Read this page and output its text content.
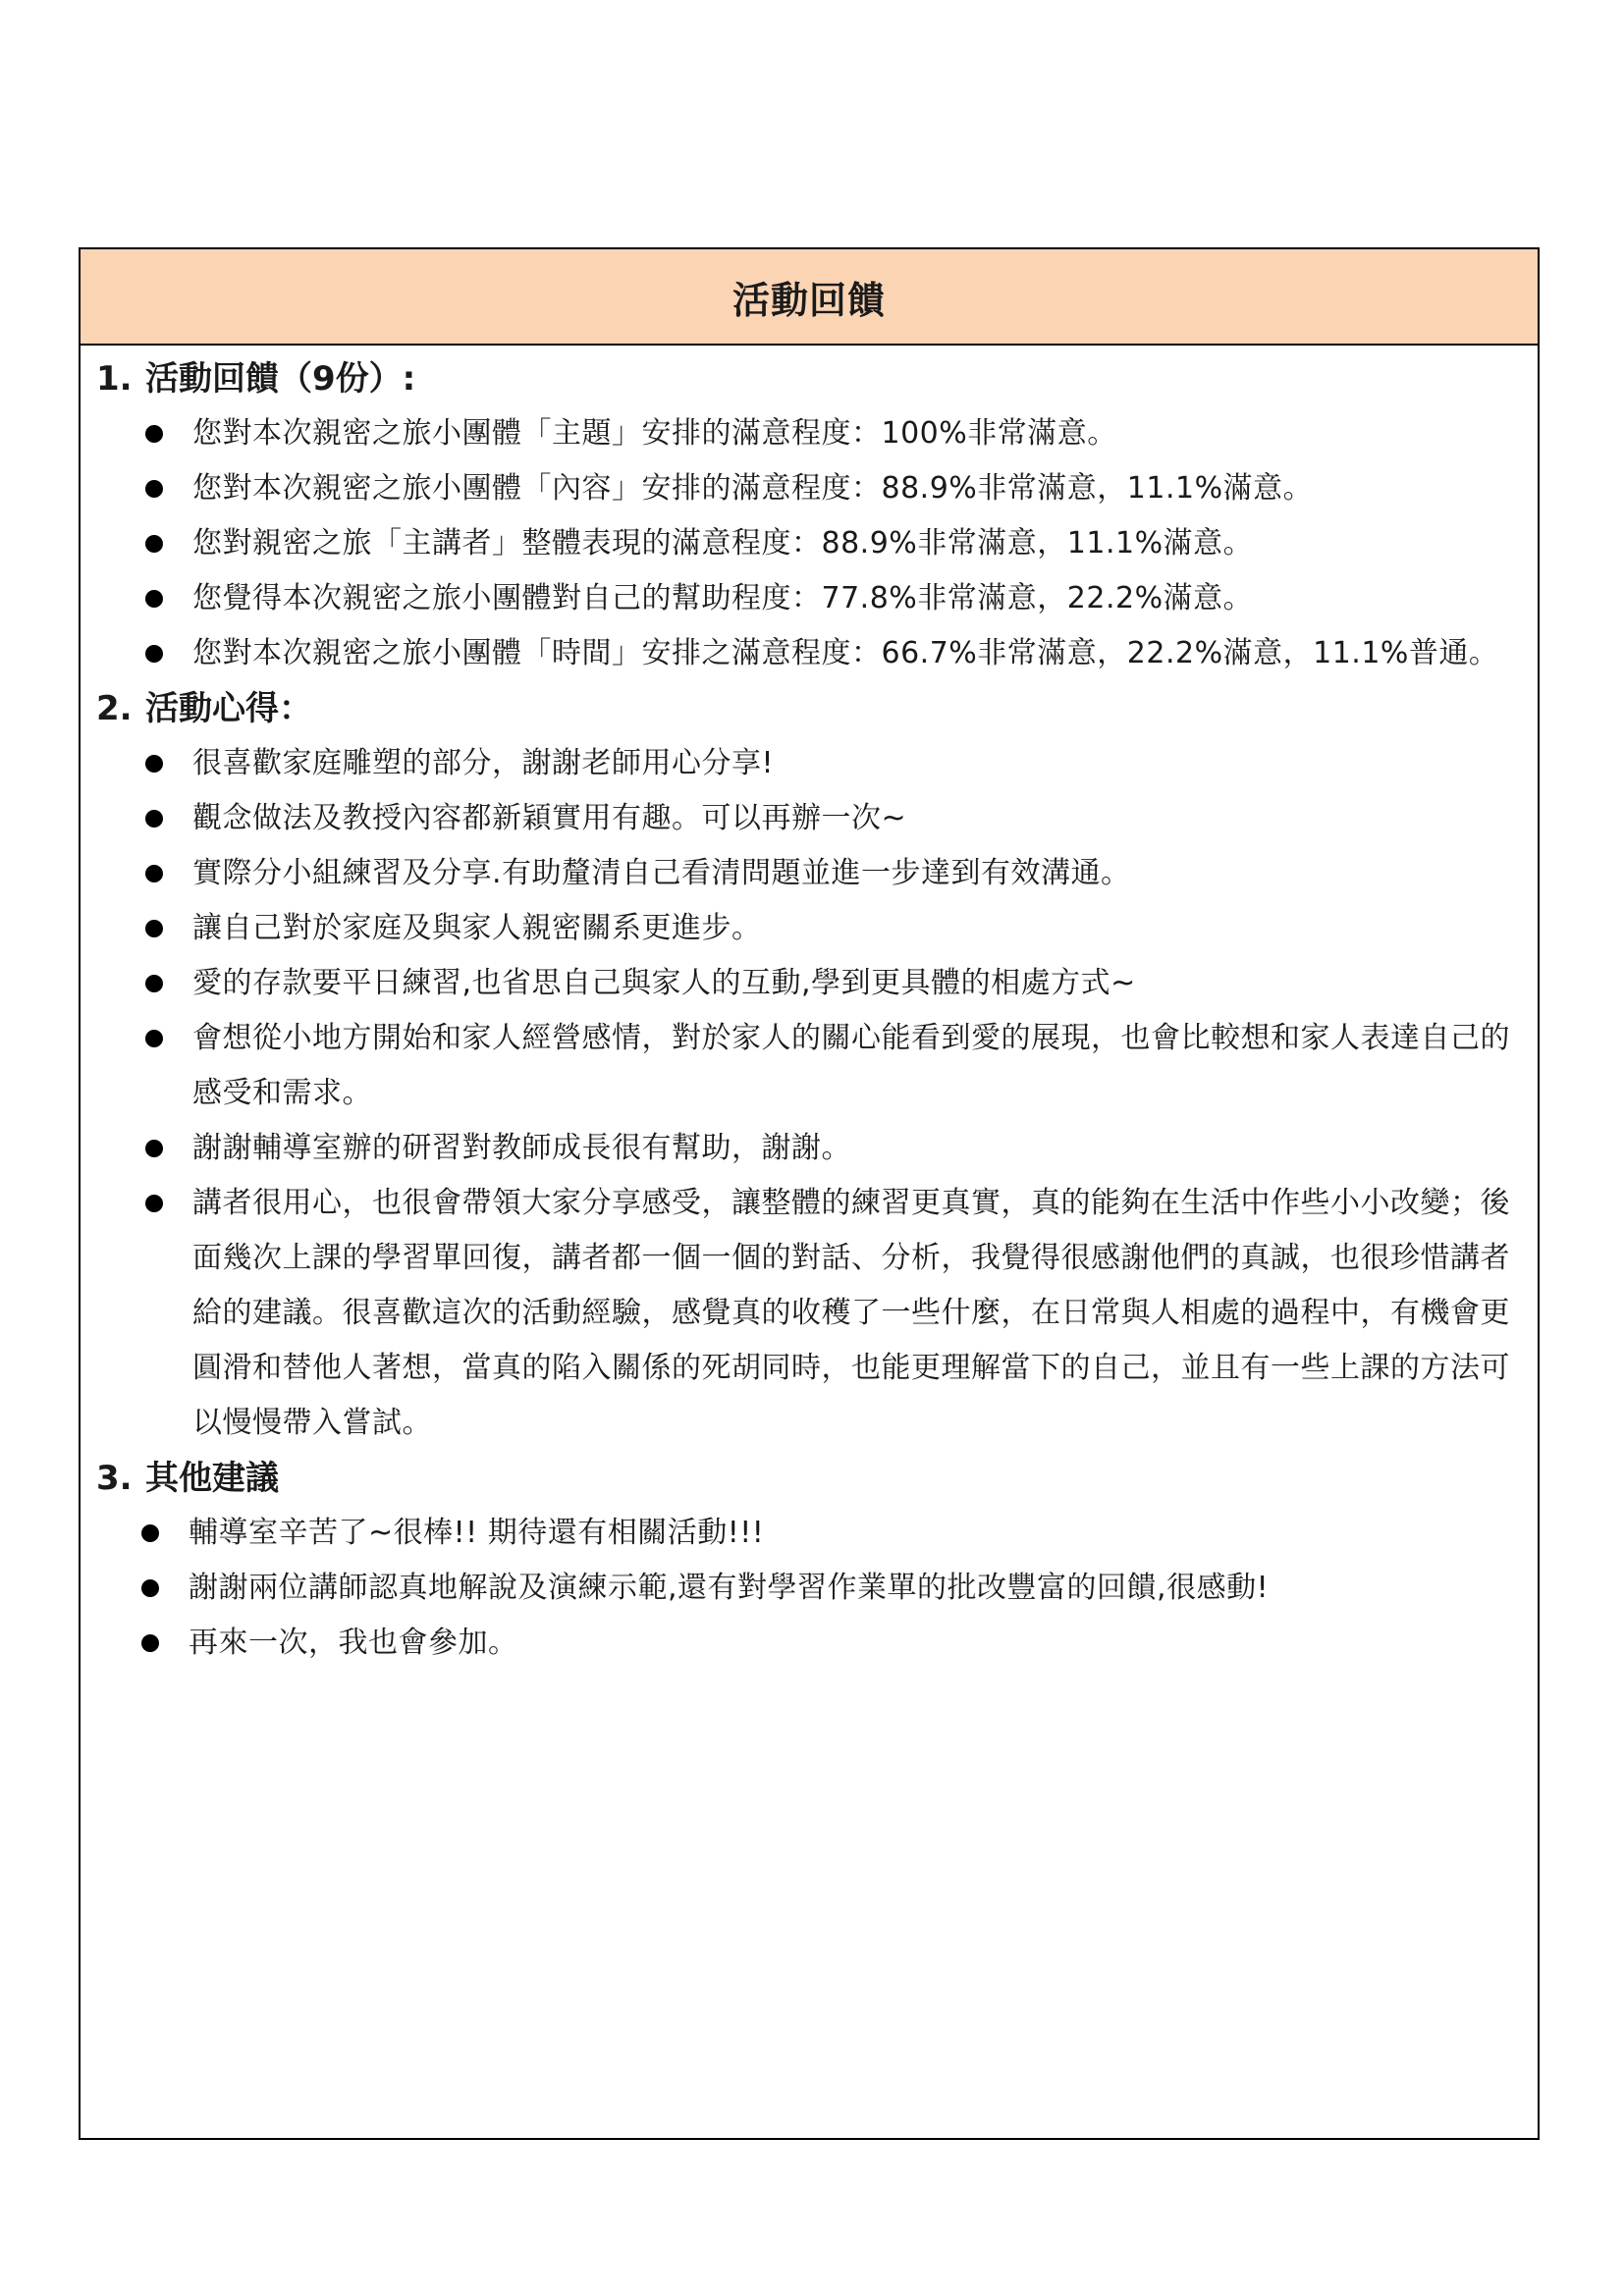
活動回饋
1. 活動回饋（9份）:
您對本次親密之旅小團體「主題」安排的滿意程度：100%非常滿意。
您對本次親密之旅小團體「內容」安排的滿意程度：88.9%非常滿意，11.1%滿意。
您對親密之旅「主講者」整體表現的滿意程度：88.9%非常滿意，11.1%滿意。
您覺得本次親密之旅小團體對自己的幫助程度：77.8%非常滿意，22.2%滿意。
您對本次親密之旅小團體「時間」安排之滿意程度：66.7%非常滿意，22.2%滿意，11.1%普通。
2. 活動心得：
很喜歡家庭雕塑的部分，謝謝老師用心分享!
觀念做法及教授內容都新穎實用有趣。可以再辦一次~
實際分小組練習及分享.有助釐清自己看清問題並進一步達到有效溝通。
讓自己對於家庭及與家人親密關系更進步。
愛的存款要平日練習,也省思自己與家人的互動,學到更具體的相處方式~
會想從小地方開始和家人經營感情，對於家人的關心能看到愛的展現，也會比較想和家人表達自己的感受和需求。
謝謝輔導室辦的研習對教師成長很有幫助，謝謝。
講者很用心，也很會帶領大家分享感受，讓整體的練習更真實，真的能夠在生活中作些小小改變；後面幾次上課的學習單回復，講者都一個一個的對話、分析，我覺得很感謝他們的真誠，也很珍惜講者給的建議。很喜歡這次的活動經驗，感覺真的收穫了一些什麼，在日常與人相處的過程中，有機會更圓滑和替他人著想，當真的陷入關係的死胡同時，也能更理解當下的自己，並且有一些上課的方法可以慢慢帶入嘗試。
3. 其他建議
輔導室辛苦了~很棒!! 期待還有相關活動!!!
謝謝兩位講師認真地解說及演練示範,還有對學習作業單的批改豐富的回饋,很感動!
再來一次，我也會參加。
